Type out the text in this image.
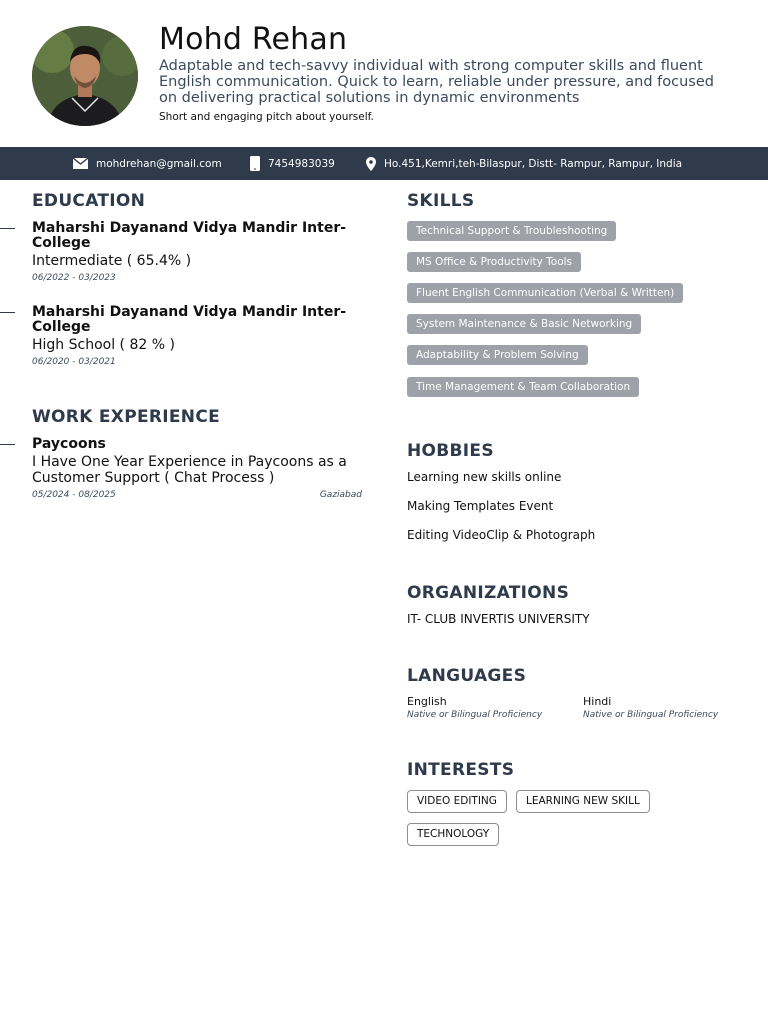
Mohd Rehan
Adaptable and tech-savvy individual with strong computer skills and fluent English communication. Quick to learn, reliable under pressure, and focused on delivering practical solutions in dynamic environments
Short and engaging pitch about yourself.
mohdrehan@gmail.com	7454983039	Ho.451,Kemri,teh-Bilaspur, Distt- Rampur, Rampur, India
EDUCATION
Maharshi Dayanand Vidya Mandir Inter-College
Intermediate ( 65.4% )
06/2022 - 03/2023
Maharshi Dayanand Vidya Mandir Inter-College
High School ( 82 % )
06/2020 - 03/2021
WORK EXPERIENCE
Paycoons
I Have One Year Experience in Paycoons as a Customer Support ( Chat Process )
05/2024 - 08/2025	Gaziabad
SKILLS
Technical Support & Troubleshooting
MS Office & Productivity Tools
Fluent English Communication (Verbal & Written)
System Maintenance & Basic Networking
Adaptability & Problem Solving
Time Management & Team Collaboration
HOBBIES
Learning new skills online
Making Templates Event
Editing VideoClip & Photograph
ORGANIZATIONS
IT- CLUB INVERTIS UNIVERSITY
LANGUAGES
English
Native or Bilingual Proficiency
Hindi
Native or Bilingual Proficiency
INTERESTS
VIDEO EDITING	LEARNING NEW SKILL
TECHNOLOGY
